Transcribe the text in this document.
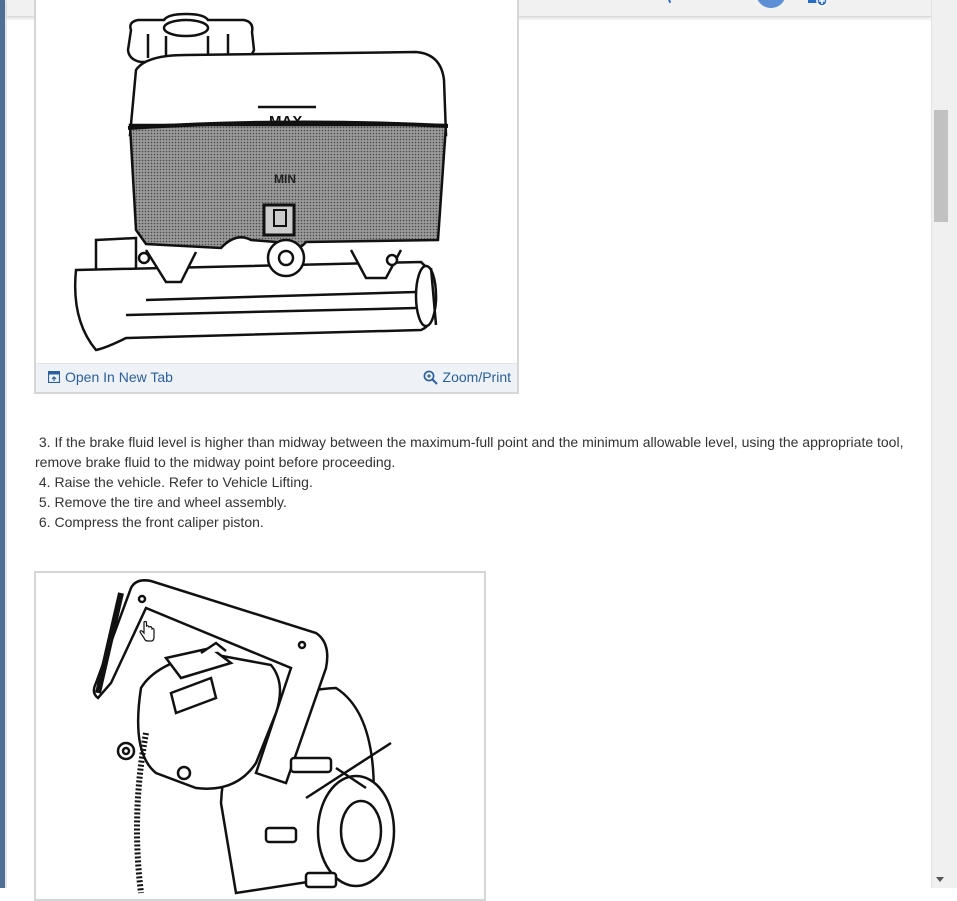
MAX
MIN
Open In New Tab	Zoom/Print
3. If the brake fluid level is higher than midway between the maximum-full point and the minimum allowable level, using the appropriate tool, remove brake fluid to the midway point before proceeding.
4. Raise the vehicle. Refer to Vehicle Lifting.
5. Remove the tire and wheel assembly.
6. Compress the front caliper piston.
